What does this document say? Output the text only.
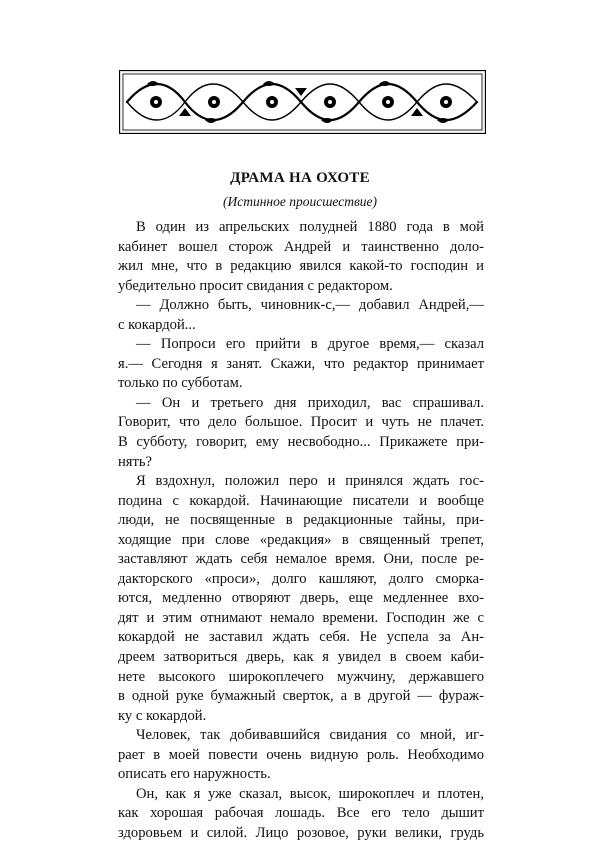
ДРАМА НА ОХОТЕ

(Истинное происшествие)

В один из апрельских полудней 1880 года в мой
кабинет вошел сторож Андрей и таинственно доло-
жил мне, что в редакцию явился какой-то господин и
убедительно просит свидания с редактором.
— Должно быть, чиновник-с,— добавил Андрей,—
с кокардой...
— Попроси его прийти в другое время,— сказал
я.— Сегодня я занят. Скажи, что редактор принимает
только по субботам.
— Он и третьего дня приходил, вас спрашивал.
Говорит, что дело большое. Просит и чуть не плачет.
В субботу, говорит, ему несвободно... Прикажете при-
нять?
Я вздохнул, положил перо и принялся ждать гос-
подина с кокардой. Начинающие писатели и вообще
люди, не посвященные в редакционные тайны, при-
ходящие при слове «редакция» в священный трепет,
заставляют ждать себя немалое время. Они, после ре-
дакторского «проси», долго кашляют, долго сморка-
ются, медленно отворяют дверь, еще медленнее вхо-
дят и этим отнимают немало времени. Господин же с
кокардой не заставил ждать себя. Не успела за Ан-
дреем затвориться дверь, как я увидел в своем каби-
нете высокого широкоплечего мужчину, державшего
в одной руке бумажный сверток, а в другой — фураж-
ку с кокардой.
Человек, так добивавшийся свидания со мной, иг-
рает в моей повести очень видную роль. Необходимо
описать его наружность.
Он, как я уже сказал, высок, широкоплеч и плотен,
как хорошая рабочая лошадь. Все его тело дышит
здоровьем и силой. Лицо розовое, руки велики, грудь
